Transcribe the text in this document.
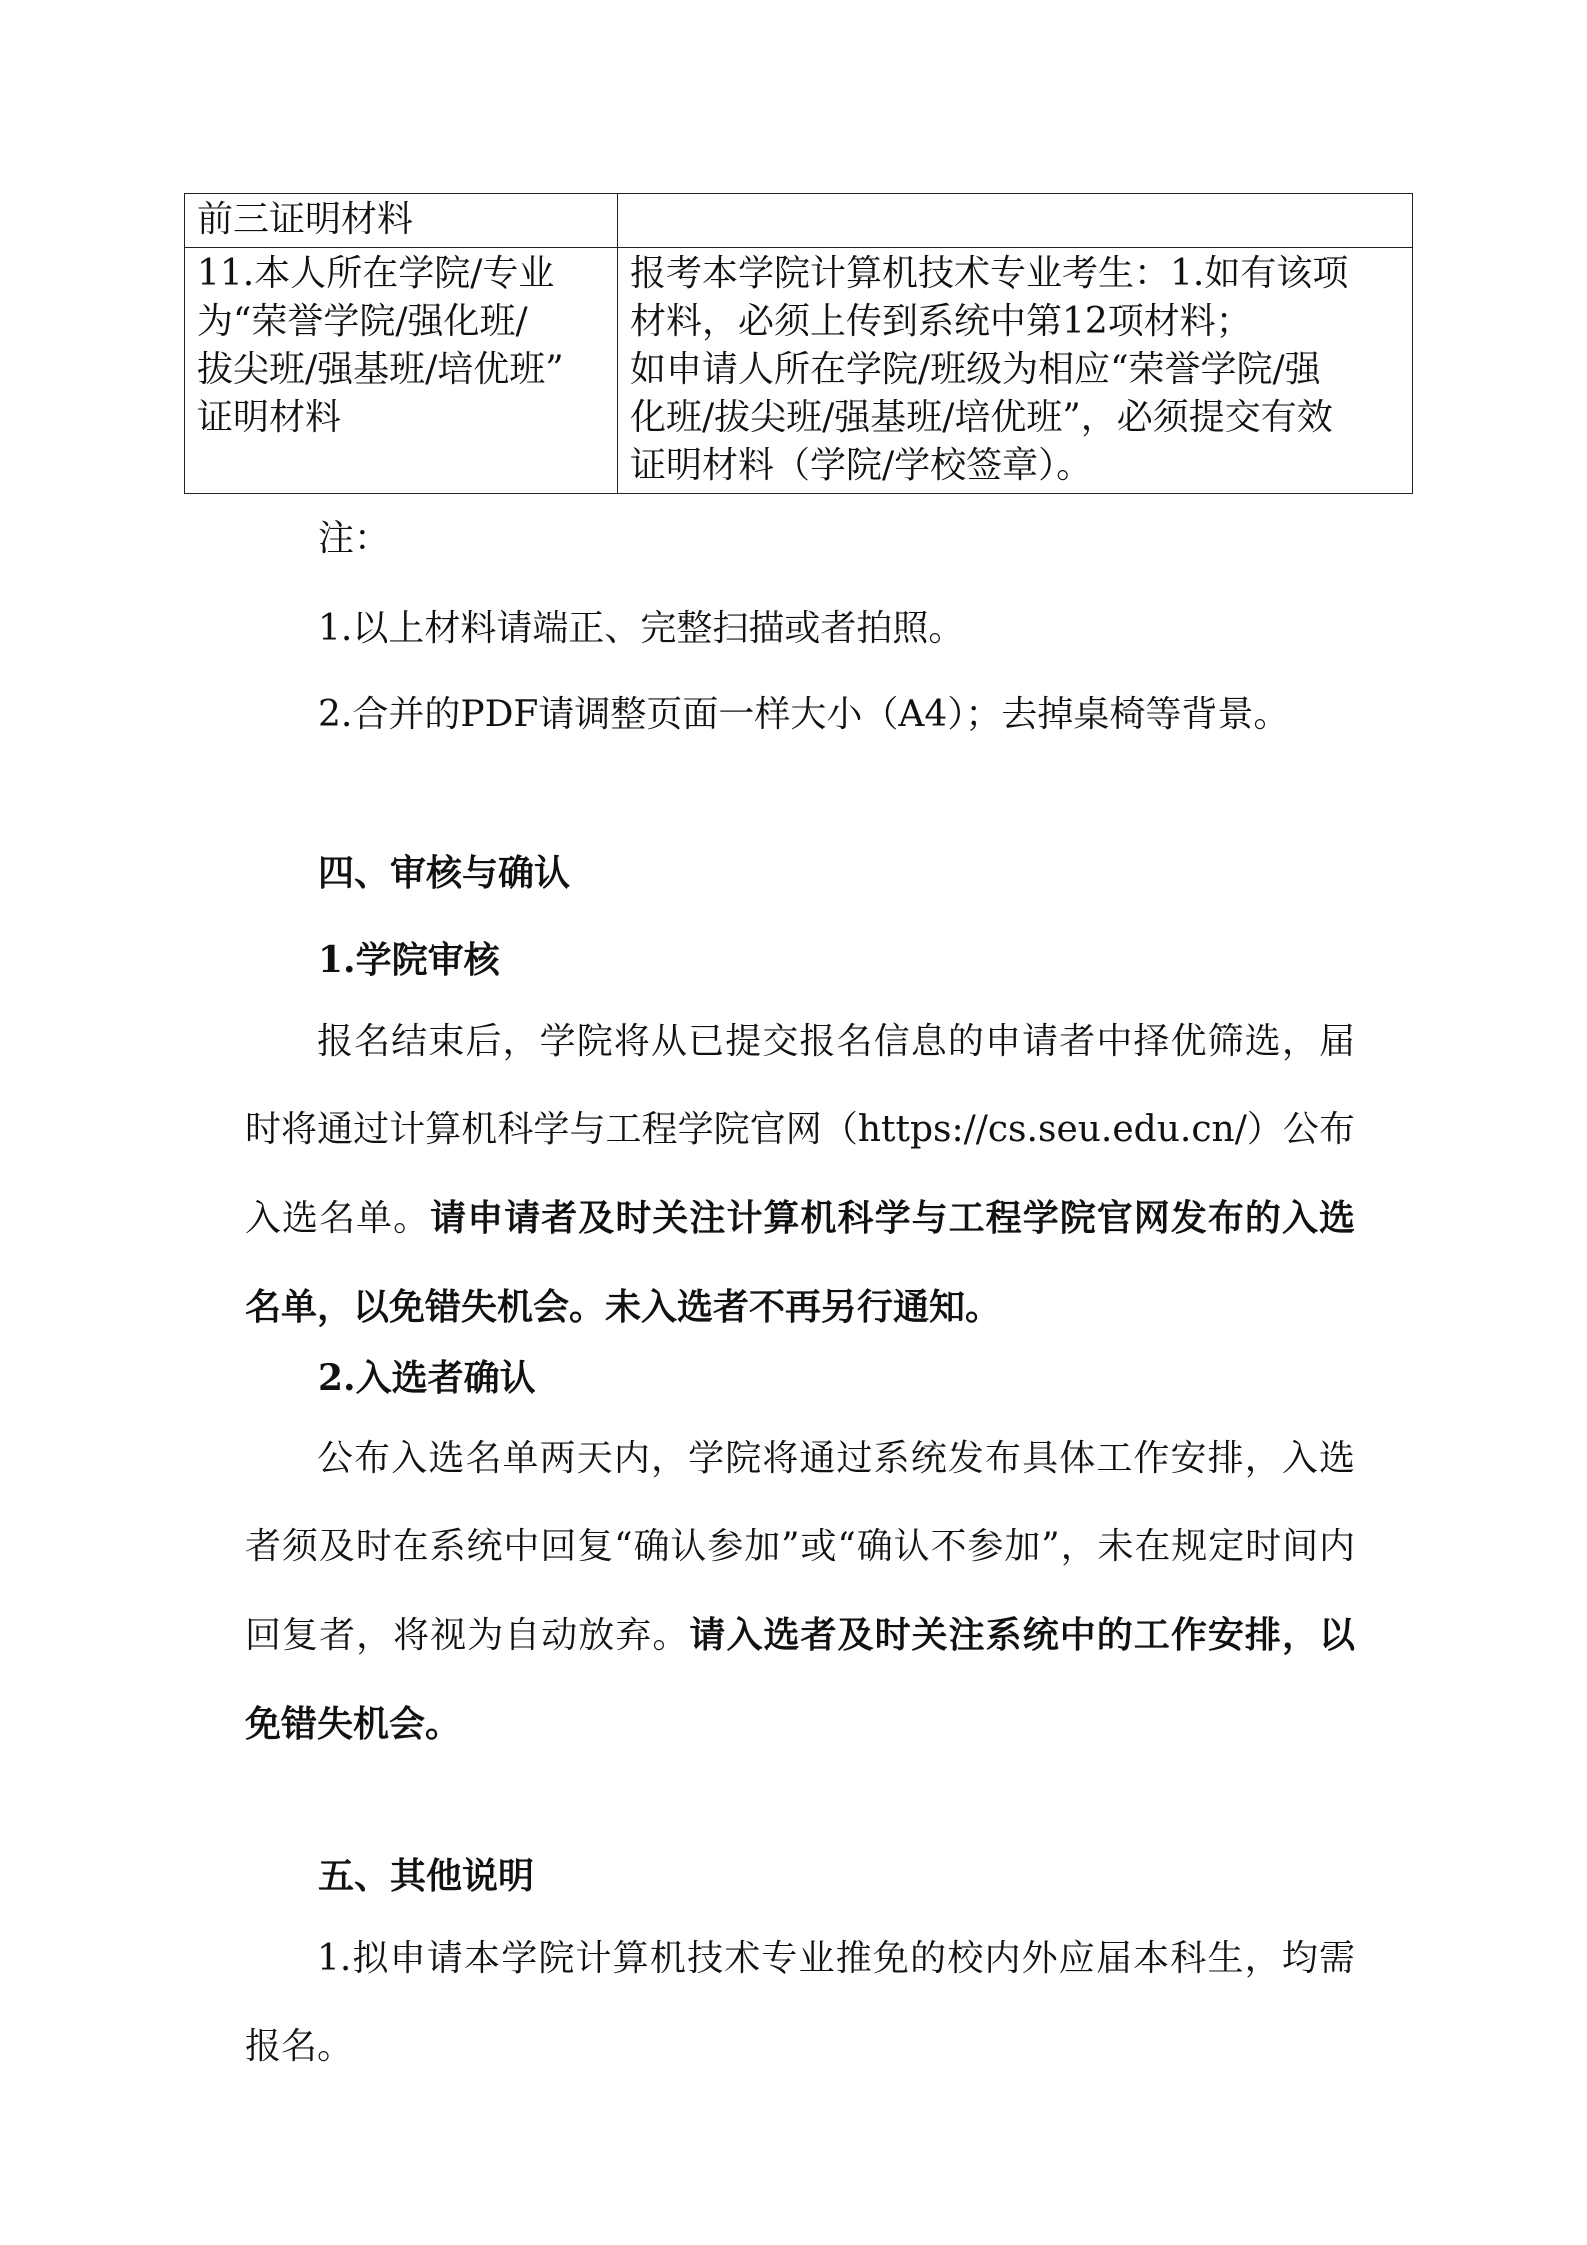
前三证明材料	

11.本人所在学院/专业
为“荣誉学院/强化班/
拔尖班/强基班/培优班”
证明材料	报考本学院计算机技术专业考生：1.如有该项
材料，必须上传到系统中第12项材料；
如申请人所在学院/班级为相应“荣誉学院/强
化班/拔尖班/强基班/培优班”，必须提交有效
证明材料（学院/学校签章）。

注：

1.以上材料请端正、完整扫描或者拍照。

2.合并的PDF请调整页面一样大小（A4）；去掉桌椅等背景。

四、审核与确认

1.学院审核

报名结束后，学院将从已提交报名信息的申请者中择优筛选，届时将通过计算机科学与工程学院官网（https://cs.seu.edu.cn/）公布入选名单。请申请者及时关注计算机科学与工程学院官网发布的入选名单，以免错失机会。未入选者不再另行通知。

2.入选者确认

公布入选名单两天内，学院将通过系统发布具体工作安排，入选者须及时在系统中回复“确认参加”或“确认不参加”，未在规定时间内回复者，将视为自动放弃。请入选者及时关注系统中的工作安排，以免错失机会。

五、其他说明

1.拟申请本学院计算机技术专业推免的校内外应届本科生，均需报名。
